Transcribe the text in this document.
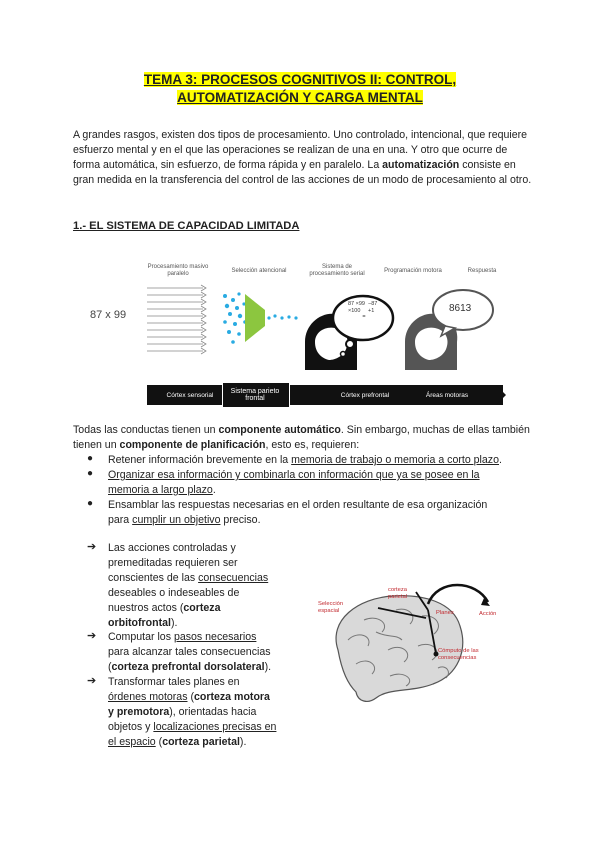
TEMA 3: PROCESOS COGNITIVOS II: CONTROL,
AUTOMATIZACIÓN Y CARGA MENTAL
A grandes rasgos, existen dos tipos de procesamiento. Uno controlado, intencional, que requiere esfuerzo mental y en el que las operaciones se realizan de una en una. Y otro que ocurre de forma automática, sin esfuerzo, de forma rápida y en paralelo. La automatización consiste en gran medida en la transferencia del control de las acciones de un modo de procesamiento al otro.
1.- EL SISTEMA DE CAPACIDAD LIMITADA
Procesamiento masivo paralelo	Selección atencional
Sistema de procesamiento serial	Programación motora	Respuesta
87 x 99
87 ×99
×100
−87
+1
=
8613
Córtex sensorial
Sistema parieto frontal	Córtex prefrontal	Áreas motoras
Todas las conductas tienen un componente automático. Sin embargo, muchas de ellas también tienen un componente de planificación, esto es, requieren:
● Retener información brevemente en la memoria de trabajo o memoria a corto plazo.
● Organizar esa información y combinarla con información que ya se posee en la
memoria a largo plazo.
● Ensamblar las respuestas necesarias en el orden resultante de esa organización
para cumplir un objetivo preciso.
➔ Las acciones controladas y
premeditadas requieren ser
conscientes de las consecuencias
deseables o indeseables de
nuestros actos (corteza
orbitofrontal).
➔ Computar los pasos necesarios
para alcanzar tales consecuencias
(corteza prefrontal dorsolateral).
➔ Transformar tales planes en
órdenes motoras (corteza motora
y premotora), orientadas hacia
objetos y localizaciones precisas en
el espacio (corteza parietal).
Selección espacial
corteza parietal
Planes	Acción
Cómputo de las consecuencias
